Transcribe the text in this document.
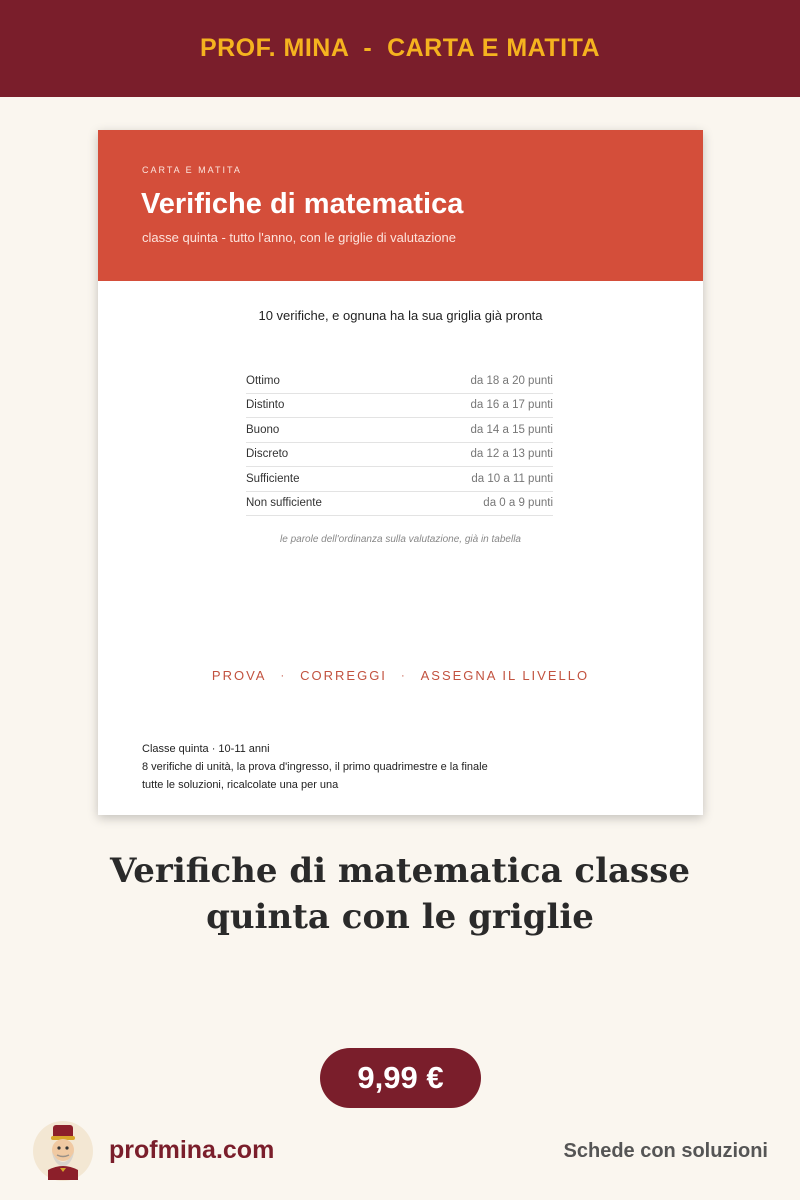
PROF. MINA  -  CARTA E MATITA
CARTA E MATITA
Verifiche di matematica
classe quinta - tutto l'anno, con le griglie di valutazione
10 verifiche, e ognuna ha la sua griglia già pronta
Ottimo	da 18 a 20 punti
Distinto	da 16 a 17 punti
Buono	da 14 a 15 punti
Discreto	da 12 a 13 punti
Sufficiente	da 10 a 11 punti
Non sufficiente	da 0 a 9 punti
le parole dell'ordinanza sulla valutazione, già in tabella
PROVA · CORREGGI · ASSEGNA IL LIVELLO
Classe quinta · 10-11 anni
8 verifiche di unità, la prova d'ingresso, il primo quadrimestre e la finale
tutte le soluzioni, ricalcolate una per una
Verifiche di matematica classe quinta con le griglie
9,99 €
profmina.com	Schede con soluzioni
